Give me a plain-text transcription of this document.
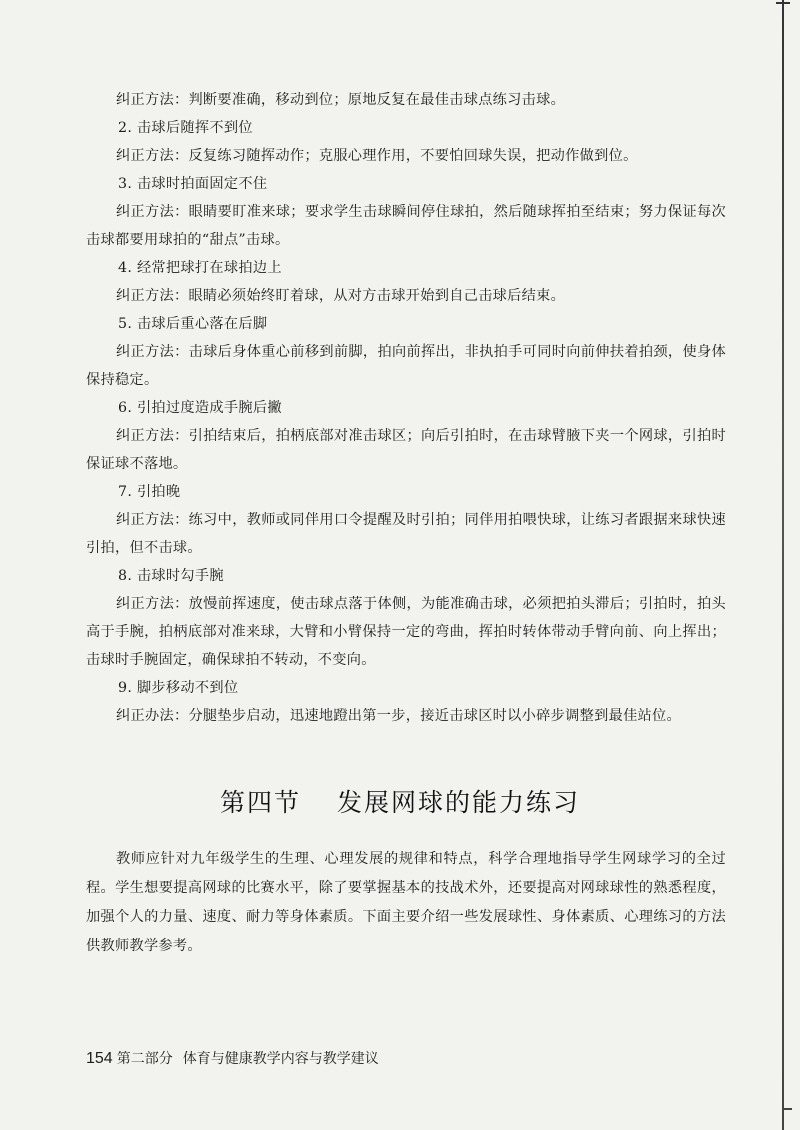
纠正方法：判断要准确，移动到位；原地反复在最佳击球点练习击球。
2. 击球后随挥不到位
纠正方法：反复练习随挥动作；克服心理作用，不要怕回球失误，把动作做到位。
3. 击球时拍面固定不住
纠正方法：眼睛要盯准来球；要求学生击球瞬间停住球拍，然后随球挥拍至结束；努力保证每次击球都要用球拍的“甜点”击球。
4. 经常把球打在球拍边上
纠正方法：眼睛必须始终盯着球，从对方击球开始到自己击球后结束。
5. 击球后重心落在后脚
纠正方法：击球后身体重心前移到前脚，拍向前挥出，非执拍手可同时向前伸扶着拍颈，使身体保持稳定。
6. 引拍过度造成手腕后撇
纠正方法：引拍结束后，拍柄底部对准击球区；向后引拍时，在击球臂腋下夹一个网球，引拍时保证球不落地。
7. 引拍晚
纠正方法：练习中，教师或同伴用口令提醒及时引拍；同伴用拍喂快球，让练习者跟据来球快速引拍，但不击球。
8. 击球时勾手腕
纠正方法：放慢前挥速度，使击球点落于体侧，为能准确击球，必须把拍头滞后；引拍时，拍头高于手腕，拍柄底部对准来球，大臂和小臂保持一定的弯曲，挥拍时转体带动手臂向前、向上挥出；击球时手腕固定，确保球拍不转动，不变向。
9. 脚步移动不到位
纠正办法：分腿垫步启动，迅速地蹬出第一步，接近击球区时以小碎步调整到最佳站位。
第四节 发展网球的能力练习
教师应针对九年级学生的生理、心理发展的规律和特点，科学合理地指导学生网球学习的全过程。学生想要提高网球的比赛水平，除了要掌握基本的技战术外，还要提高对网球球性的熟悉程度，加强个人的力量、速度、耐力等身体素质。下面主要介绍一些发展球性、身体素质、心理练习的方法供教师教学参考。
154 第二部分 体育与健康教学内容与教学建议
